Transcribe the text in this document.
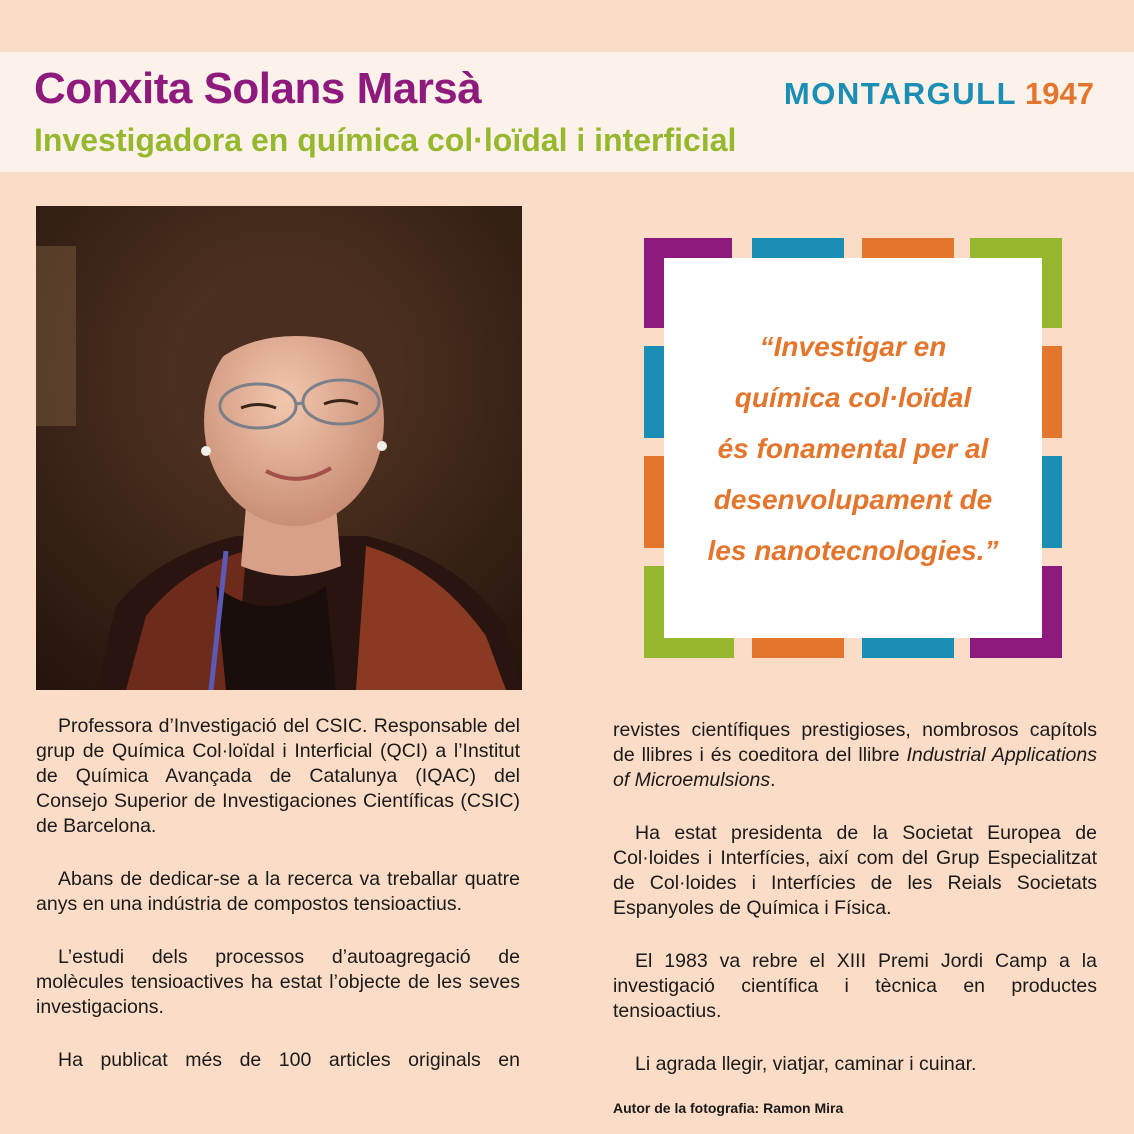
Conxita Solans Marsà	MONTARGULL 1947
Investigadora en química col·loïdal i interficial
“Investigar en
química col·loïdal
és fonamental per al
desenvolupament de
les nanotecnologies.”

Professora d’Investigació del CSIC. Responsable del grup de Química Col·loïdal i Interficial (QCI) a l’Institut de Química Avançada de Catalunya (IQAC) del Consejo Superior de Investigaciones Científicas (CSIC) de Barcelona.

Abans de dedicar-se a la recerca va treballar quatre anys en una indústria de compostos tensioactius.

L’estudi dels processos d’autoagregació de molècules tensioactives ha estat l’objecte de les seves investigacions.

Ha publicat més de 100 articles originals en

revistes científiques prestigioses, nombrosos capítols de llibres i és coeditora del llibre Industrial Applications of Microemulsions.

Ha estat presidenta de la Societat Europea de Col·loides i Interfícies, així com del Grup Especialitzat de Col·loides i Interfícies de les Reials Societats Espanyoles de Química i Física.

El 1983 va rebre el XIII Premi Jordi Camp a la investigació científica i tècnica en productes tensioactius.

Li agrada llegir, viatjar, caminar i cuinar.

Autor de la fotografia: Ramon Mira
